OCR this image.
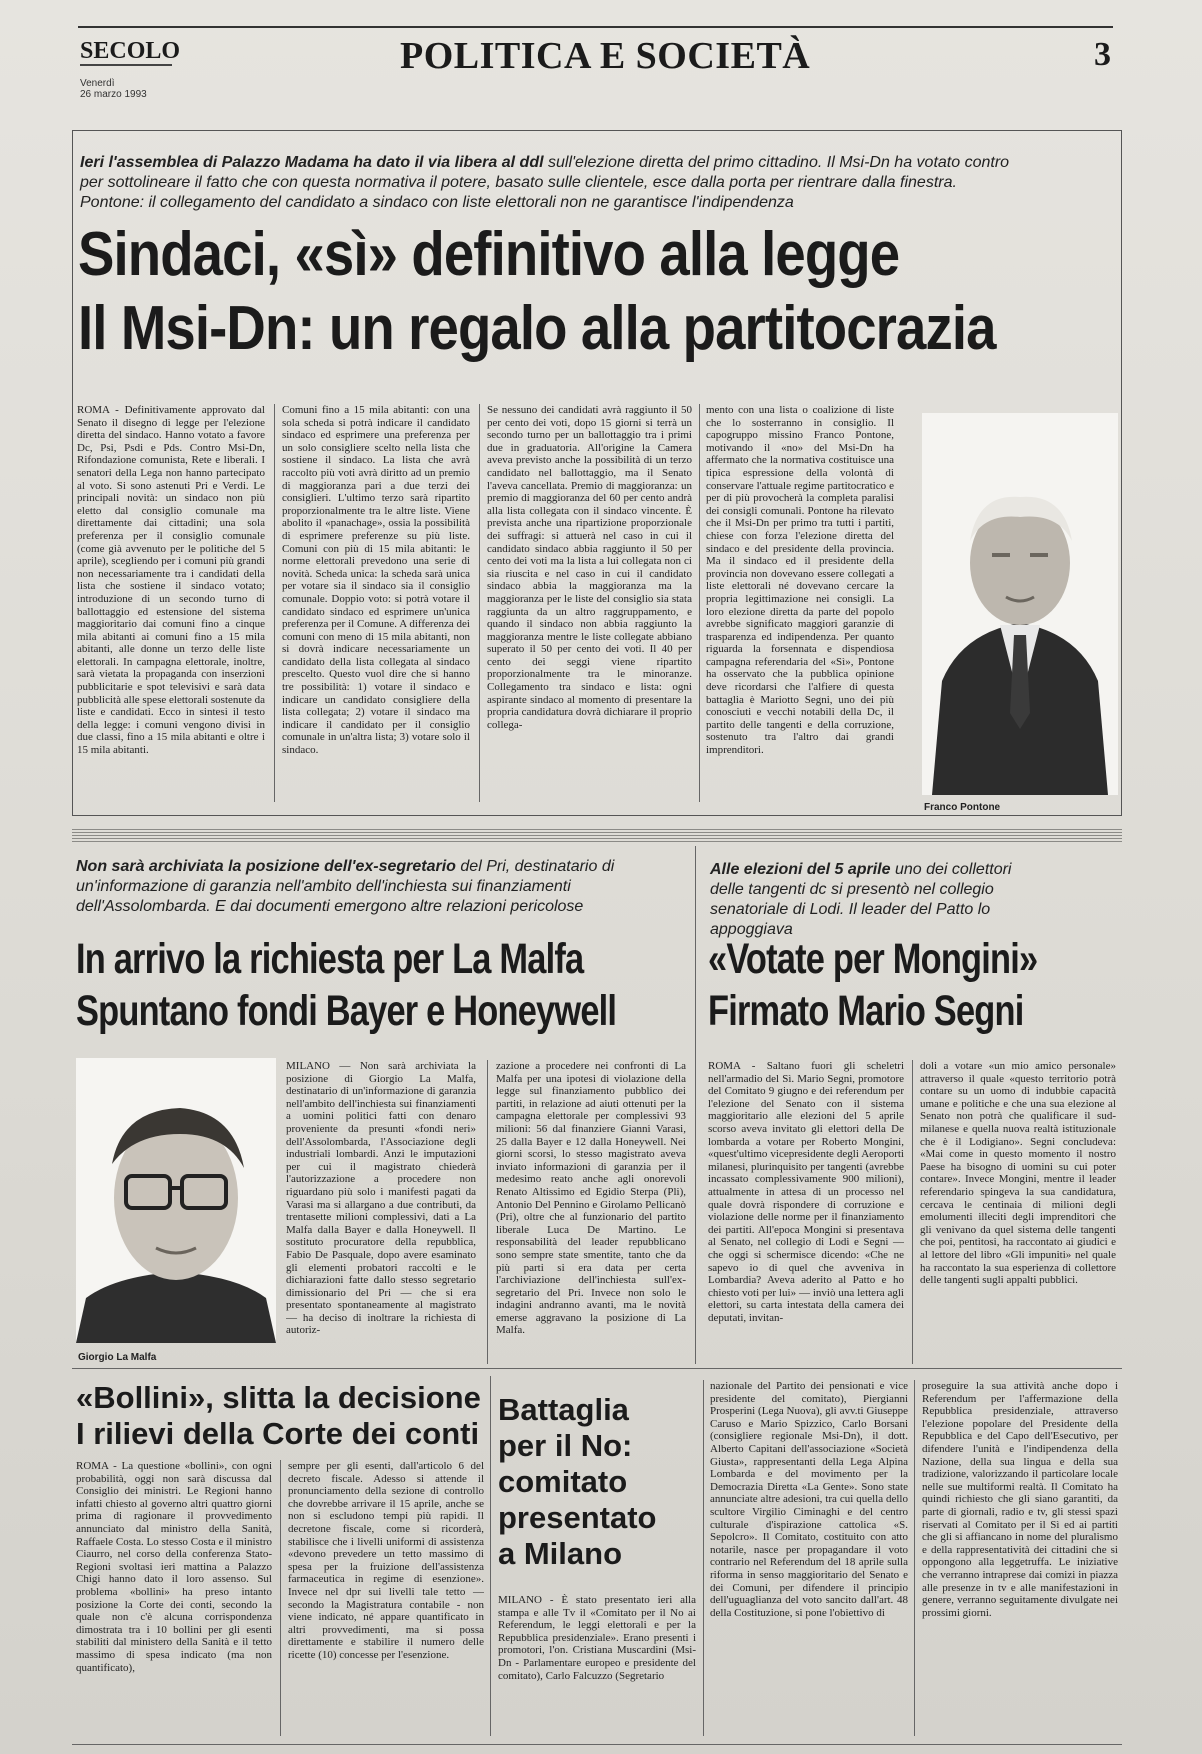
SECOLO
Venerdì
26 marzo 1993
POLITICA E SOCIETÀ	3
Ieri l'assemblea di Palazzo Madama ha dato il via libera al ddl sull'elezione diretta del primo cittadino. Il Msi-Dn ha votato contro per sottolineare il fatto che con questa normativa il potere, basato sulle clientele, esce dalla porta per rientrare dalla finestra. Pontone: il collegamento del candidato a sindaco con liste elettorali non ne garantisce l'indipendenza
Sindaci, «sì» definitivo alla legge
Il Msi-Dn: un regalo alla partitocrazia
ROMA - Definitivamente approvato dal Senato il disegno di legge per l'elezione diretta del sindaco. Hanno votato a favore Dc, Psi, Psdi e Pds. Contro Msi-Dn, Rifondazione comunista, Rete e liberali. I senatori della Lega non hanno partecipato al voto. Si sono astenuti Pri e Verdi. Le principali novità: un sindaco non più eletto dal consiglio comunale ma direttamente dai cittadini; una sola preferenza per il consiglio comunale (come già avvenuto per le politiche del 5 aprile), scegliendo per i comuni più grandi non necessariamente tra i candidati della lista che sostiene il sindaco votato; introduzione di un secondo turno di ballottaggio ed estensione del sistema maggioritario dai comuni fino a cinque mila abitanti ai comuni fino a 15 mila abitanti, alle donne un terzo delle liste elettorali. In campagna elettorale, inoltre, sarà vietata la propaganda con inserzioni pubblicitarie e spot televisivi e sarà data pubblicità alle spese elettorali sostenute da liste e candidati. Ecco in sintesi il testo della legge: i comuni vengono divisi in due classi, fino a 15 mila abitanti e oltre i 15 mila abitanti.
Comuni fino a 15 mila abitanti: con una sola scheda si potrà indicare il candidato sindaco ed esprimere una preferenza per un solo consigliere scelto nella lista che sostiene il sindaco. La lista che avrà raccolto più voti avrà diritto ad un premio di maggioranza pari a due terzi dei consiglieri. L'ultimo terzo sarà ripartito proporzionalmente tra le altre liste. Viene abolito il «panachage», ossia la possibilità di esprimere preferenze su più liste. Comuni con più di 15 mila abitanti: le norme elettorali prevedono una serie di novità. Scheda unica: la scheda sarà unica per votare sia il sindaco sia il consiglio comunale. Doppio voto: si potrà votare il candidato sindaco ed esprimere un'unica preferenza per il Comune. A differenza dei comuni con meno di 15 mila abitanti, non si dovrà indicare necessariamente un candidato della lista collegata al sindaco prescelto. Questo vuol dire che si hanno tre possibilità: 1) votare il sindaco e indicare un candidato consigliere della lista collegata; 2) votare il sindaco ma indicare il candidato per il consiglio comunale in un'altra lista; 3) votare solo il sindaco.
Se nessuno dei candidati avrà raggiunto il 50 per cento dei voti, dopo 15 giorni si terrà un secondo turno per un ballottaggio tra i primi due in graduatoria. All'origine la Camera aveva previsto anche la possibilità di un terzo candidato nel ballottaggio, ma il Senato l'aveva cancellata. Premio di maggioranza: un premio di maggioranza del 60 per cento andrà alla lista collegata con il sindaco vincente. È prevista anche una ripartizione proporzionale dei suffragi: si attuerà nel caso in cui il candidato sindaco abbia raggiunto il 50 per cento dei voti ma la lista a lui collegata non ci sia riuscita e nel caso in cui il candidato sindaco abbia la maggioranza ma la maggioranza per le liste del consiglio sia stata raggiunta da un altro raggruppamento, e quando il sindaco non abbia raggiunto la maggioranza mentre le liste collegate abbiano superato il 50 per cento dei voti. Il 40 per cento dei seggi viene ripartito proporzionalmente tra le minoranze. Collegamento tra sindaco e lista: ogni aspirante sindaco al momento di presentare la propria candidatura dovrà dichiarare il proprio collega-
mento con una lista o coalizione di liste che lo sosterranno in consiglio. Il capogruppo missino Franco Pontone, motivando il «no» del Msi-Dn ha affermato che la normativa costituisce una tipica espressione della volontà di conservare l'attuale regime partitocratico e per di più provocherà la completa paralisi dei consigli comunali. Pontone ha rilevato che il Msi-Dn per primo tra tutti i partiti, chiese con forza l'elezione diretta del sindaco e del presidente della provincia. Ma il sindaco ed il presidente della provincia non dovevano essere collegati a liste elettorali né dovevano cercare la propria legittimazione nei consigli. La loro elezione diretta da parte del popolo avrebbe significato maggiori garanzie di trasparenza ed indipendenza. Per quanto riguarda la forsennata e dispendiosa campagna referendaria del «Sì», Pontone ha osservato che la pubblica opinione deve ricordarsi che l'alfiere di questa battaglia è Mariotto Segni, uno dei più conosciuti e vecchi notabili della Dc, il partito delle tangenti e della corruzione, sostenuto tra l'altro dai grandi imprenditori.
Franco Pontone
Non sarà archiviata la posizione dell'ex-segretario del Pri, destinatario di un'informazione di garanzia nell'ambito dell'inchiesta sui finanziamenti dell'Assolombarda. E dai documenti emergono altre relazioni pericolose
In arrivo la richiesta per La Malfa
Spuntano fondi Bayer e Honeywell
Giorgio La Malfa
MILANO — Non sarà archiviata la posizione di Giorgio La Malfa, destinatario di un'informazione di garanzia nell'ambito dell'inchiesta sui finanziamenti a uomini politici fatti con denaro proveniente da presunti «fondi neri» dell'Assolombarda, l'Associazione degli industriali lombardi. Anzi le imputazioni per cui il magistrato chiederà l'autorizzazione a procedere non riguardano più solo i manifesti pagati da Varasi ma si allargano a due contributi, da trentasette milioni complessivi, dati a La Malfa dalla Bayer e dalla Honeywell. Il sostituto procuratore della repubblica, Fabio De Pasquale, dopo avere esaminato gli elementi probatori raccolti e le dichiarazioni fatte dallo stesso segretario dimissionario del Pri — che si era presentato spontaneamente al magistrato — ha deciso di inoltrare la richiesta di autoriz-
zazione a procedere nei confronti di La Malfa per una ipotesi di violazione della legge sul finanziamento pubblico dei partiti, in relazione ad aiuti ottenuti per la campagna elettorale per complessivi 93 milioni: 56 dal finanziere Gianni Varasi, 25 dalla Bayer e 12 dalla Honeywell. Nei giorni scorsi, lo stesso magistrato aveva inviato informazioni di garanzia per il medesimo reato anche agli onorevoli Renato Altissimo ed Egidio Sterpa (Pli), Antonio Del Pennino e Girolamo Pellicanò (Pri), oltre che al funzionario del partito liberale Luca De Martino. Le responsabilità del leader repubblicano sono sempre state smentite, tanto che da più parti si era data per certa l'archiviazione dell'inchiesta sull'ex-segretario del Pri. Invece non solo le indagini andranno avanti, ma le novità emerse aggravano la posizione di La Malfa.
Alle elezioni del 5 aprile uno dei collettori delle tangenti dc si presentò nel collegio senatoriale di Lodi. Il leader del Patto lo appoggiava
«Votate per Mongini»
Firmato Mario Segni
ROMA - Saltano fuori gli scheletri nell'armadio del Sì. Mario Segni, promotore del Comitato 9 giugno e dei referendum per l'elezione del Senato con il sistema maggioritario alle elezioni del 5 aprile scorso aveva invitato gli elettori della De lombarda a votare per Roberto Mongini, «quest'ultimo vicepresidente degli Aeroporti milanesi, plurinquisito per tangenti (avrebbe incassato complessivamente 900 milioni), attualmente in attesa di un processo nel quale dovrà rispondere di corruzione e violazione delle norme per il finanziamento dei partiti. All'epoca Mongini si presentava al Senato, nel collegio di Lodi e Segni — che oggi si schermisce dicendo: «Che ne sapevo io di quel che avveniva in Lombardia? Aveva aderito al Patto e ho chiesto voti per lui» — inviò una lettera agli elettori, su carta intestata della camera dei deputati, invitan-
doli a votare «un mio amico personale» attraverso il quale «questo territorio potrà contare su un uomo di indubbie capacità umane e politiche e che una sua elezione al Senato non potrà che qualificare il sud-milanese e quella nuova realtà istituzionale che è il Lodigiano». Segni concludeva: «Mai come in questo momento il nostro Paese ha bisogno di uomini su cui poter contare». Invece Mongini, mentre il leader referendario spingeva la sua candidatura, cercava le centinaia di milioni degli emolumenti illeciti degli imprenditori che gli venivano da quel sistema delle tangenti che poi, pentitosi, ha raccontato ai giudici e al lettore del libro «Gli impuniti» nel quale ha raccontato la sua esperienza di collettore delle tangenti sugli appalti pubblici.
«Bollini», slitta la decisione
I rilievi della Corte dei conti
ROMA - La questione «bollini», con ogni probabilità, oggi non sarà discussa dal Consiglio dei ministri. Le Regioni hanno infatti chiesto al governo altri quattro giorni prima di ragionare il provvedimento annunciato dal ministro della Sanità, Raffaele Costa. Lo stesso Costa e il ministro Ciaurro, nel corso della conferenza Stato-Regioni svoltasi ieri mattina a Palazzo Chigi hanno dato il loro assenso. Sul problema «bollini» ha preso intanto posizione la Corte dei conti, secondo la quale non c'è alcuna corrispondenza dimostrata tra i 10 bollini per gli esenti stabiliti dal ministero della Sanità e il tetto massimo di spesa indicato (ma non quantificato),
sempre per gli esenti, dall'articolo 6 del decreto fiscale. Adesso si attende il pronunciamento della sezione di controllo che dovrebbe arrivare il 15 aprile, anche se non si escludono tempi più rapidi. Il decretone fiscale, come si ricorderà, stabilisce che i livelli uniformi di assistenza «devono prevedere un tetto massimo di spesa per la fruizione dell'assistenza farmaceutica in regime di esenzione». Invece nel dpr sui livelli tale tetto — secondo la Magistratura contabile - non viene indicato, né appare quantificato in altri provvedimenti, ma si possa direttamente e stabilire il numero delle ricette (10) concesse per l'esenzione.
Battaglia
per il No:
comitato
presentato
a Milano
MILANO - È stato presentato ieri alla stampa e alle Tv il «Comitato per il No ai Referendum, le leggi elettorali e per la Repubblica presidenziale». Erano presenti i promotori, l'on. Cristiana Muscardini (Msi-Dn - Parlamentare europeo e presidente del comitato), Carlo Falcuzzo (Segretario
nazionale del Partito dei pensionati e vice presidente del comitato), Piergianni Prosperini (Lega Nuova), gli avv.ti Giuseppe Caruso e Mario Spizzico, Carlo Borsani (consigliere regionale Msi-Dn), il dott. Alberto Capitani dell'associazione «Società Giusta», rappresentanti della Lega Alpina Lombarda e del movimento per la Democrazia Diretta «La Gente». Sono state annunciate altre adesioni, tra cui quella dello scultore Virgilio Ciminaghi e del centro culturale d'ispirazione cattolica «S. Sepolcro». Il Comitato, costituito con atto notarile, nasce per propagandare il voto contrario nel Referendum del 18 aprile sulla riforma in senso maggioritario del Senato e dei Comuni, per difendere il principio dell'uguaglianza del voto sancito dall'art. 48 della Costituzione, si pone l'obiettivo di
proseguire la sua attività anche dopo i Referendum per l'affermazione della Repubblica presidenziale, attraverso l'elezione popolare del Presidente della Repubblica e del Capo dell'Esecutivo, per difendere l'unità e l'indipendenza della Nazione, della sua lingua e della sua tradizione, valorizzando il particolare locale nelle sue multiformi realtà. Il Comitato ha quindi richiesto che gli siano garantiti, da parte di giornali, radio e tv, gli stessi spazi riservati al Comitato per il Sì ed ai partiti che gli si affiancano in nome del pluralismo e della rappresentatività dei cittadini che si oppongono alla leggetruffa. Le iniziative che verranno intraprese dai comizi in piazza alle presenze in tv e alle manifestazioni in genere, verranno seguitamente divulgate nei prossimi giorni.
